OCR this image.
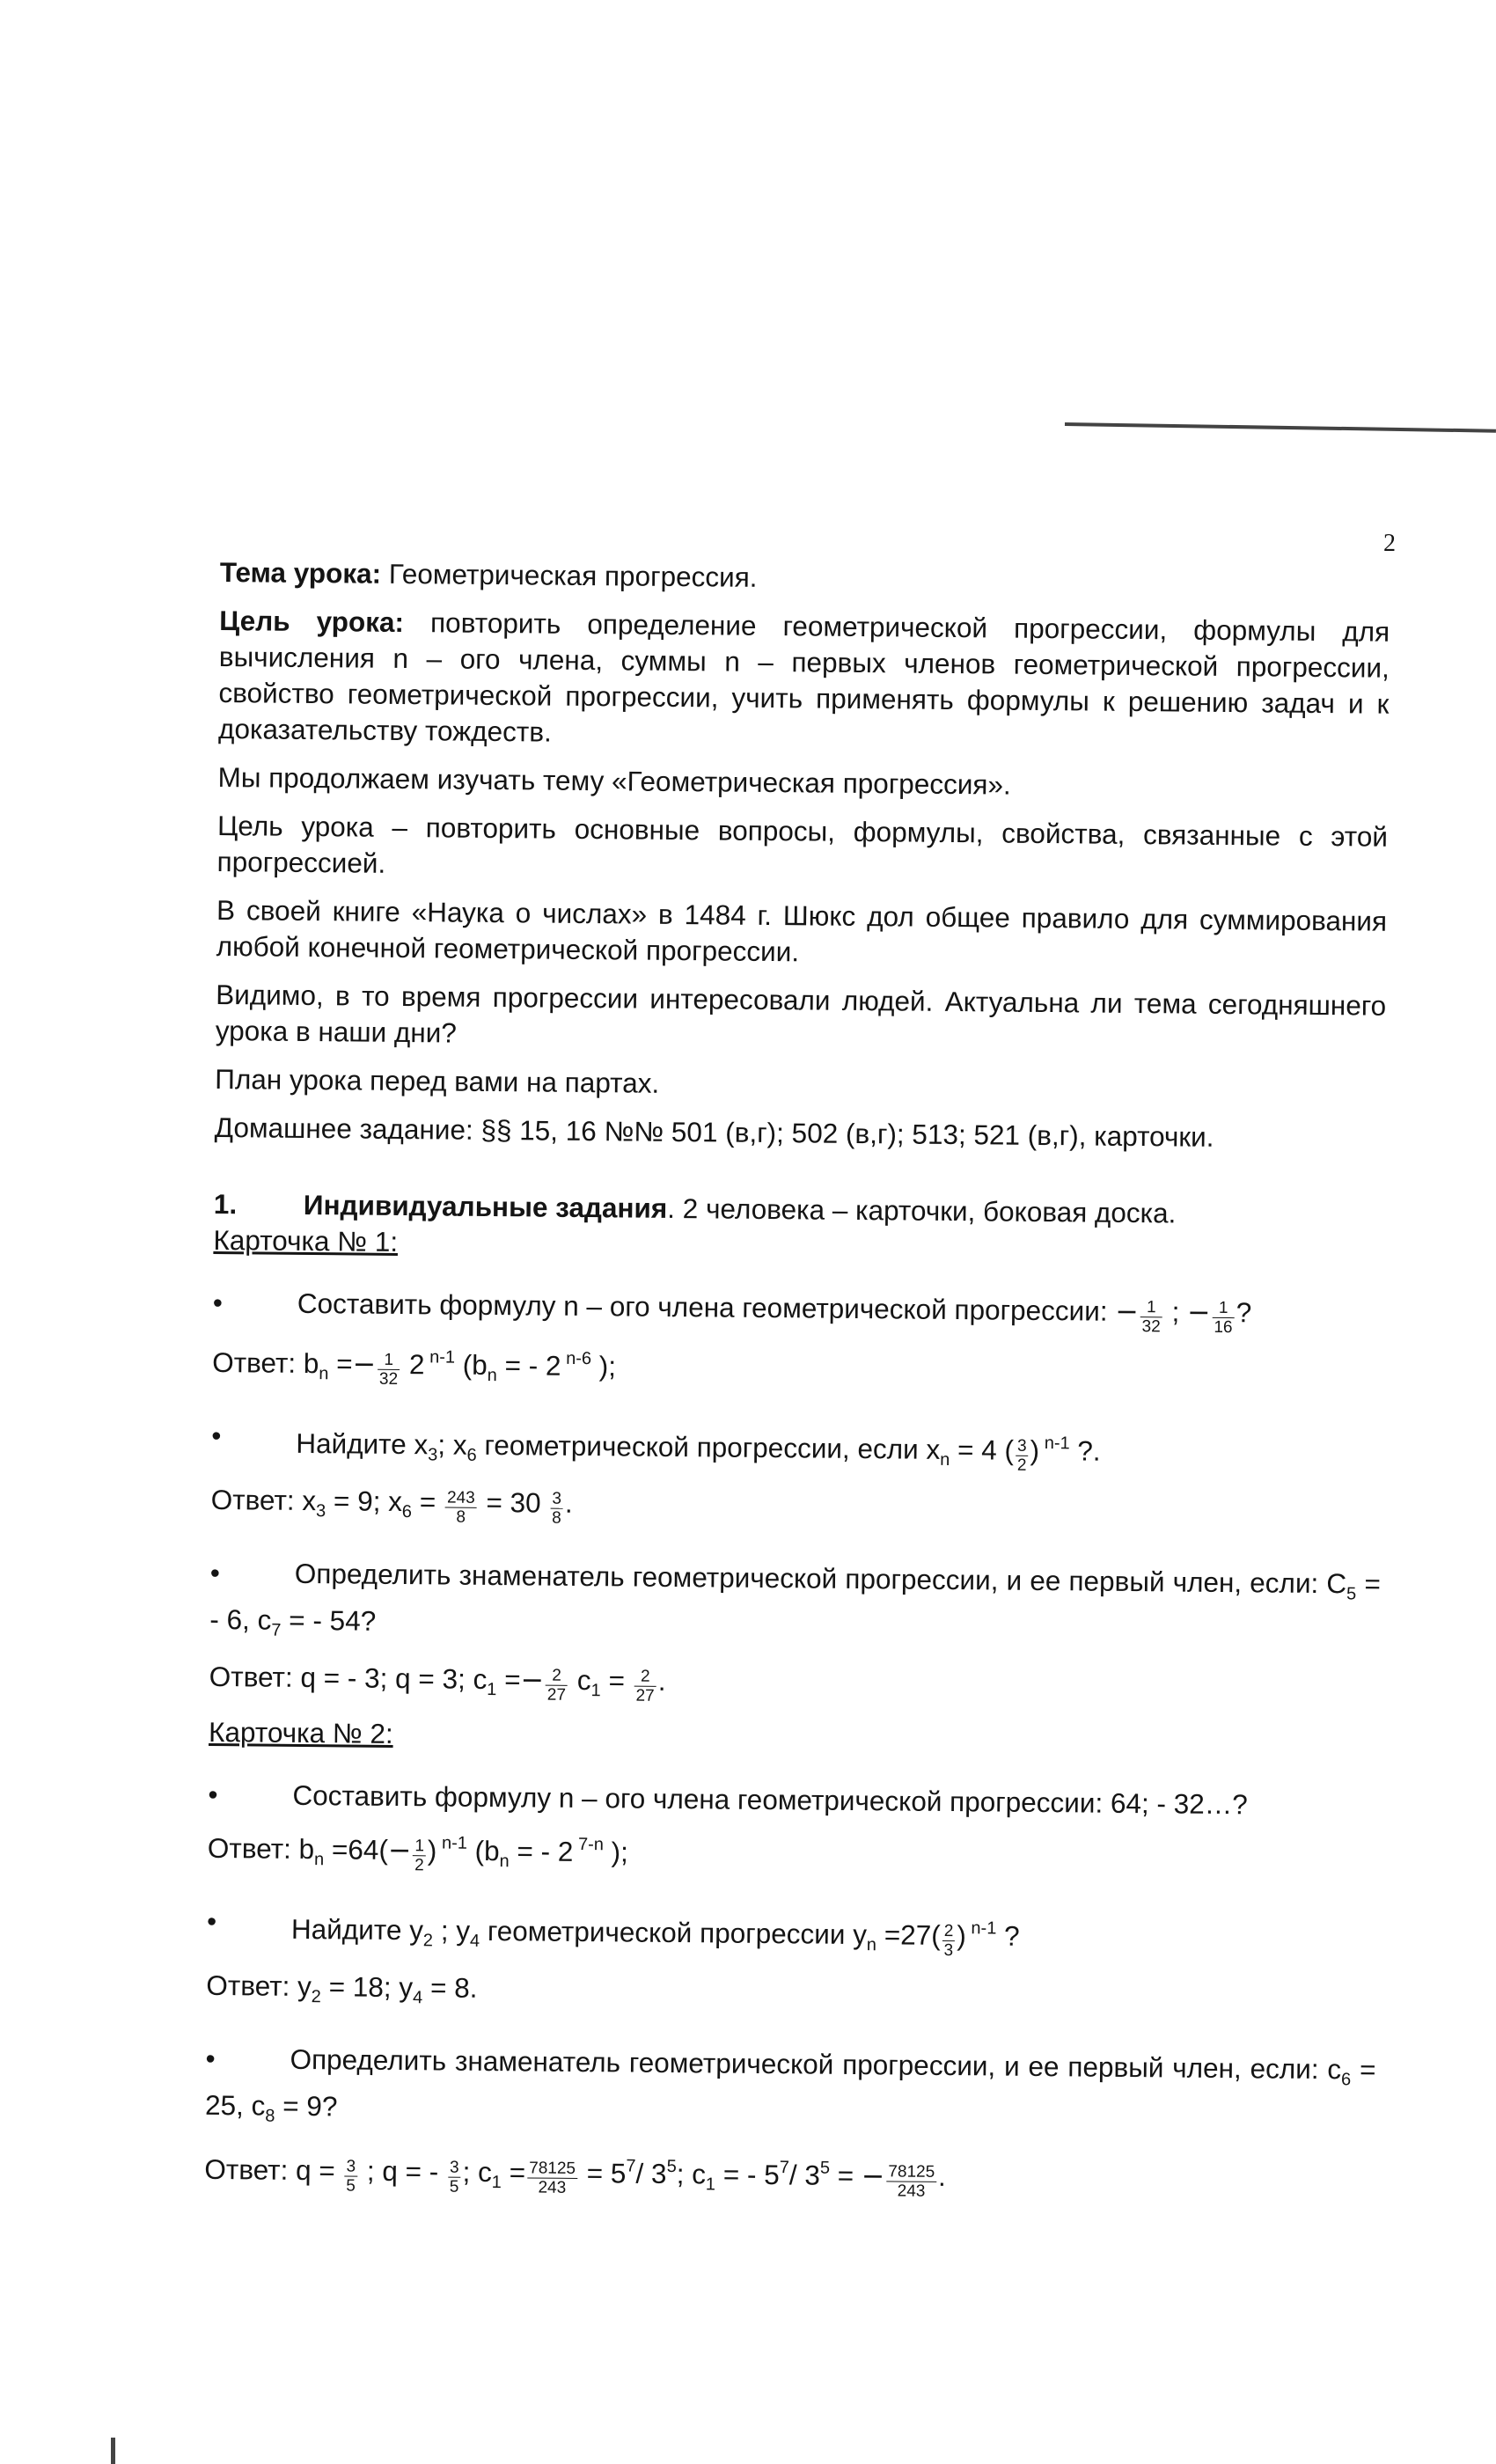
2

Тема урока: Геометрическая прогрессия.

Цель урока: повторить определение геометрической прогрессии, формулы для вычисления n – ого члена, суммы n – первых членов геометрической прогрессии, свойство геометрической прогрессии, учить применять формулы к решению задач и к доказательству тождеств.

Мы продолжаем изучать тему «Геометрическая прогрессия».

Цель урока – повторить основные вопросы, формулы, свойства, связанные с этой прогрессией.

В своей книге «Наука о числах» в 1484 г. Шюкс дол общее правило для суммирования любой конечной геометрической прогрессии.

Видимо, в то время прогрессии интересовали людей. Актуальна ли тема сегодняшнего урока в наши дни?

План урока перед вами на партах.

Домашнее задание: §§ 15, 16 №№ 501 (в,г); 502 (в,г); 513; 521 (в,г), карточки.

1. Индивидуальные задания. 2 человека – карточки, боковая доска.
Карточка № 1:
•	Составить формулу n – ого члена геометрической прогрессии: − $\frac{1}{32}$ ; − $\frac{1}{16}$ ?
Ответ: $b_n =- \frac{1}{32} 2$ $^{n-1}$ ($b_n$ = - 2 $^{n-6}$ );
•	Найдите $x_3$; $x_6$ геометрической прогрессии, если $x_n = 4$ ( $\frac{3}{2}$ ) $^{n-1}$ ?.
Ответ: $x_3 = 9$; $x_6 = \frac{243}{8} = 30 \frac{3}{8}$ .
•	Определить знаменатель геометрической прогрессии, и ее первый член, если: $C_5$ = - 6, $c_7$ = - 54?
Ответ: q = - 3; q = 3; $c_1 =- \frac{2}{27} c_1 = \frac{2}{27}$ .
Карточка № 2:
•	Составить формулу n – ого члена геометрической прогрессии: 64; - 32…?
Ответ: $b_n =64(- \frac{1}{2}$ ) $^{n-1}$ ($b_n$ = - 2 $^{7-n}$ );
•	Найдите $y_2$ ; $y_4$ геометрической прогрессии $y_n =27( \frac{2}{3}$ ) $^{n-1}$ ?
Ответ: $y_2 = 18$; $y_4 = 8$.
•	Определить знаменатель геометрической прогрессии, и ее первый член, если: $c_6 = 25$, $c_8 = 9$?
Ответ: $q = \frac{3}{5}$ ; q = - $\frac{3}{5}$ ; $c_1 = \frac{78125}{243} = 5^7/$ $3^5$; $c_1$ = - $5^7/$ $3^5$ = − $\frac{78125}{243}$ .
